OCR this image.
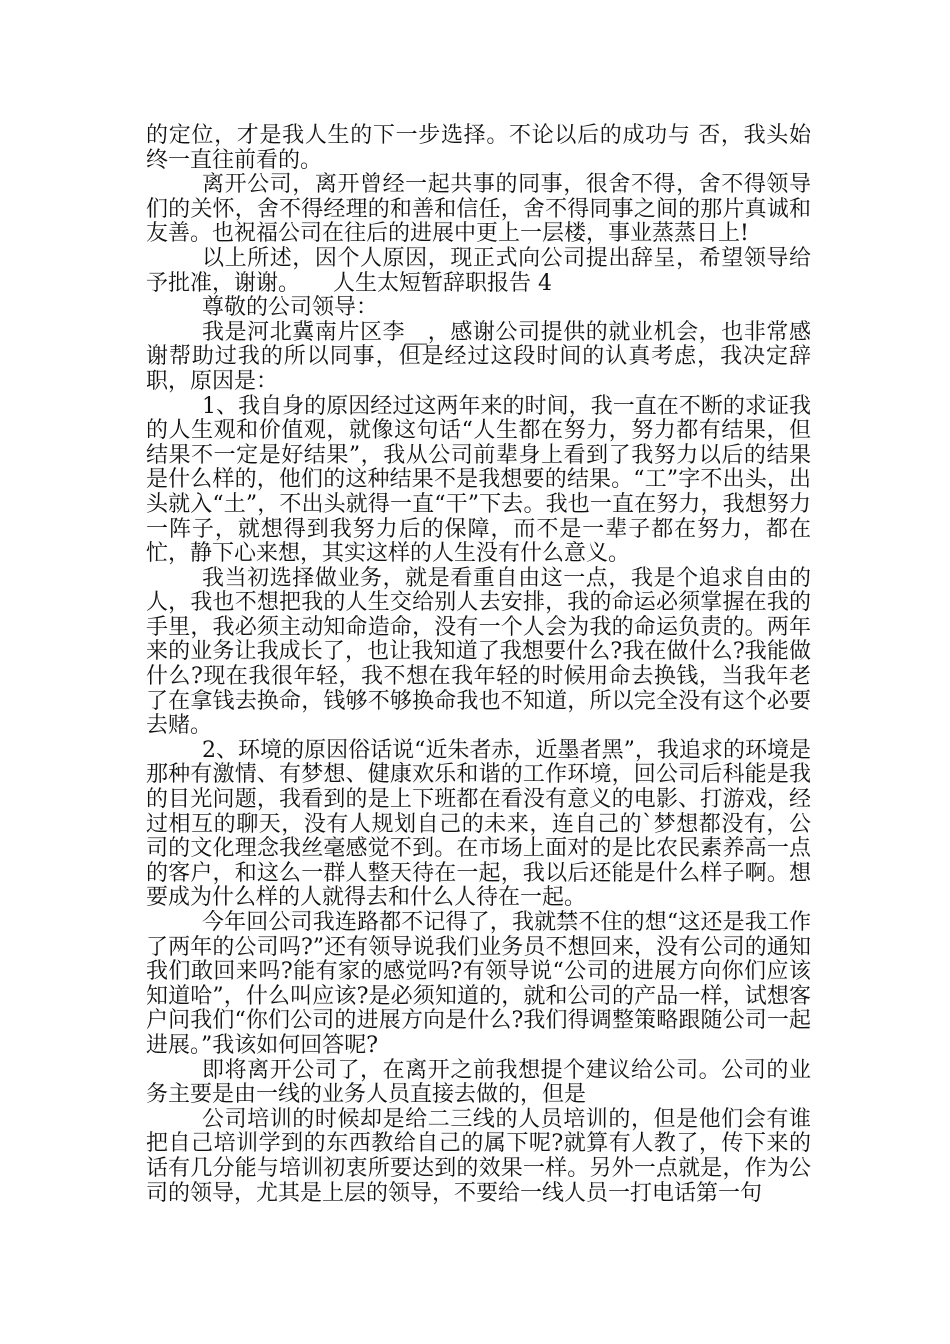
的定位，才是我人生的下一步选择。不论以后的成功与 否，我头始终一直往前看的。

离开公司，离开曾经一起共事的同事，很舍不得，舍不得领导们的关怀，舍不得经理的和善和信任，舍不得同事之间的那片真诚和友善。也祝福公司在往后的进展中更上一层楼，事业蒸蒸日上!

以上所述，因个人原因，现正式向公司提出辞呈，希望领导给予批准，谢谢。　　人生太短暂辞职报告 4

尊敬的公司领导：

我是河北冀南片区李__，感谢公司提供的就业机会，也非常感谢帮助过我的所以同事，但是经过这段时间的认真考虑，我决定辞职，原因是：

1、我自身的原因经过这两年来的时间，我一直在不断的求证我的人生观和价值观，就像这句话“人生都在努力，努力都有结果，但结果不一定是好结果”，我从公司前辈身上看到了我努力以后的结果是什么样的，他们的这种结果不是我想要的结果。“工”字不出头，出头就入“土”，不出头就得一直“干”下去。我也一直在努力，我想努力一阵子，就想得到我努力后的保障，而不是一辈子都在努力，都在忙，静下心来想，其实这样的人生没有什么意义。

我当初选择做业务，就是看重自由这一点，我是个追求自由的人，我也不想把我的人生交给别人去安排，我的命运必须掌握在我的手里，我必须主动知命造命，没有一个人会为我的命运负责的。两年来的业务让我成长了，也让我知道了我想要什么?我在做什么?我能做什么?现在我很年轻，我不想在我年轻的时候用命去换钱，当我年老了在拿钱去换命，钱够不够换命我也不知道，所以完全没有这个必要去赌。

2、环境的原因俗话说“近朱者赤，近墨者黑”，我追求的环境是那种有激情、有梦想、健康欢乐和谐的工作环境，回公司后科能是我的目光问题，我看到的是上下班都在看没有意义的电影、打游戏，经过相互的聊天，没有人规划自己的未来，连自己的`梦想都没有，公司的文化理念我丝毫感觉不到。在市场上面对的是比农民素养高一点的客户，和这么一群人整天待在一起，我以后还能是什么样子啊。想要成为什么样的人就得去和什么人待在一起。

今年回公司我连路都不记得了，我就禁不住的想“这还是我工作了两年的公司吗?”还有领导说我们业务员不想回来，没有公司的通知我们敢回来吗?能有家的感觉吗?有领导说“公司的进展方向你们应该知道哈”，什么叫应该?是必须知道的，就和公司的产品一样，试想客户问我们“你们公司的进展方向是什么?我们得调整策略跟随公司一起进展。”我该如何回答呢?

即将离开公司了，在离开之前我想提个建议给公司。公司的业务主要是由一线的业务人员直接去做的，但是

公司培训的时候却是给二三线的人员培训的，但是他们会有谁把自己培训学到的东西教给自己的属下呢?就算有人教了，传下来的话有几分能与培训初衷所要达到的效果一样。另外一点就是，作为公司的领导，尤其是上层的领导，不要给一线人员一打电话第一句
